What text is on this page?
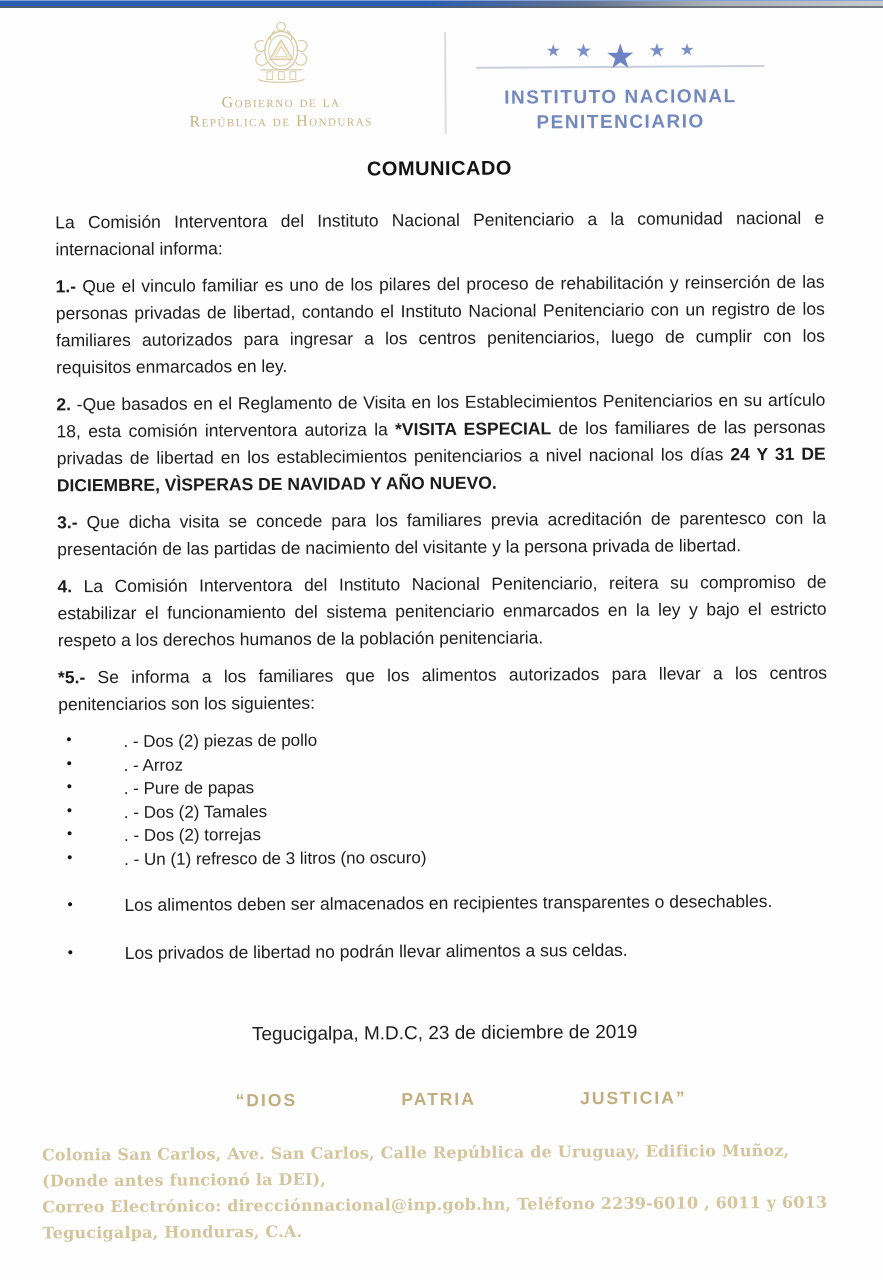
Gobierno de la
República de Honduras
★ ★ ★ ★ ★
INSTITUTO NACIONAL
PENITENCIARIO
COMUNICADO

La Comisión Interventora del Instituto Nacional Penitenciario a la comunidad nacional e internacional informa:

1.- Que el vinculo familiar es uno de los pilares del proceso de rehabilitación y reinserción de las personas privadas de libertad, contando el Instituto Nacional Penitenciario con un registro de los familiares autorizados para ingresar a los centros penitenciarios, luego de cumplir con los requisitos enmarcados en ley.

2. -Que basados en el Reglamento de Visita en los Establecimientos Penitenciarios en su artículo 18, esta comisión interventora autoriza la *VISITA ESPECIAL de los familiares de las personas privadas de libertad en los establecimientos penitenciarios a nivel nacional los días 24 Y 31 DE DICIEMBRE, VÌSPERAS DE NAVIDAD Y AÑO NUEVO.

3.- Que dicha visita se concede para los familiares previa acreditación de parentesco con la presentación de las partidas de nacimiento del visitante y la persona privada de libertad.

4. La Comisión Interventora del Instituto Nacional Penitenciario, reitera su compromiso de estabilizar el funcionamiento del sistema penitenciario enmarcados en la ley y bajo el estricto respeto a los derechos humanos de la población penitenciaria.

*5.- Se informa a los familiares que los alimentos autorizados para llevar a los centros penitenciarios son los siguientes:

•	. - Dos (2) piezas de pollo
•	. - Arroz
•	. - Pure de papas
•	. - Dos (2) Tamales
•	. - Dos (2) torrejas
•	. - Un (1) refresco de 3 litros (no oscuro)
•	Los alimentos deben ser almacenados en recipientes transparentes o desechables.
•	Los privados de libertad no podrán llevar alimentos a sus celdas.
Tegucigalpa, M.D.C, 23 de diciembre de 2019
“DIOS	PATRIA	JUSTICIA”
Colonia San Carlos, Ave. San Carlos, Calle República de Uruguay, Edificio Muñoz, (Donde antes funcionó la DEI),
Correo Electrónico: direcciónnacional@inp.gob.hn, Teléfono 2239-6010 , 6011 y 6013 Tegucigalpa, Honduras, C.A.
